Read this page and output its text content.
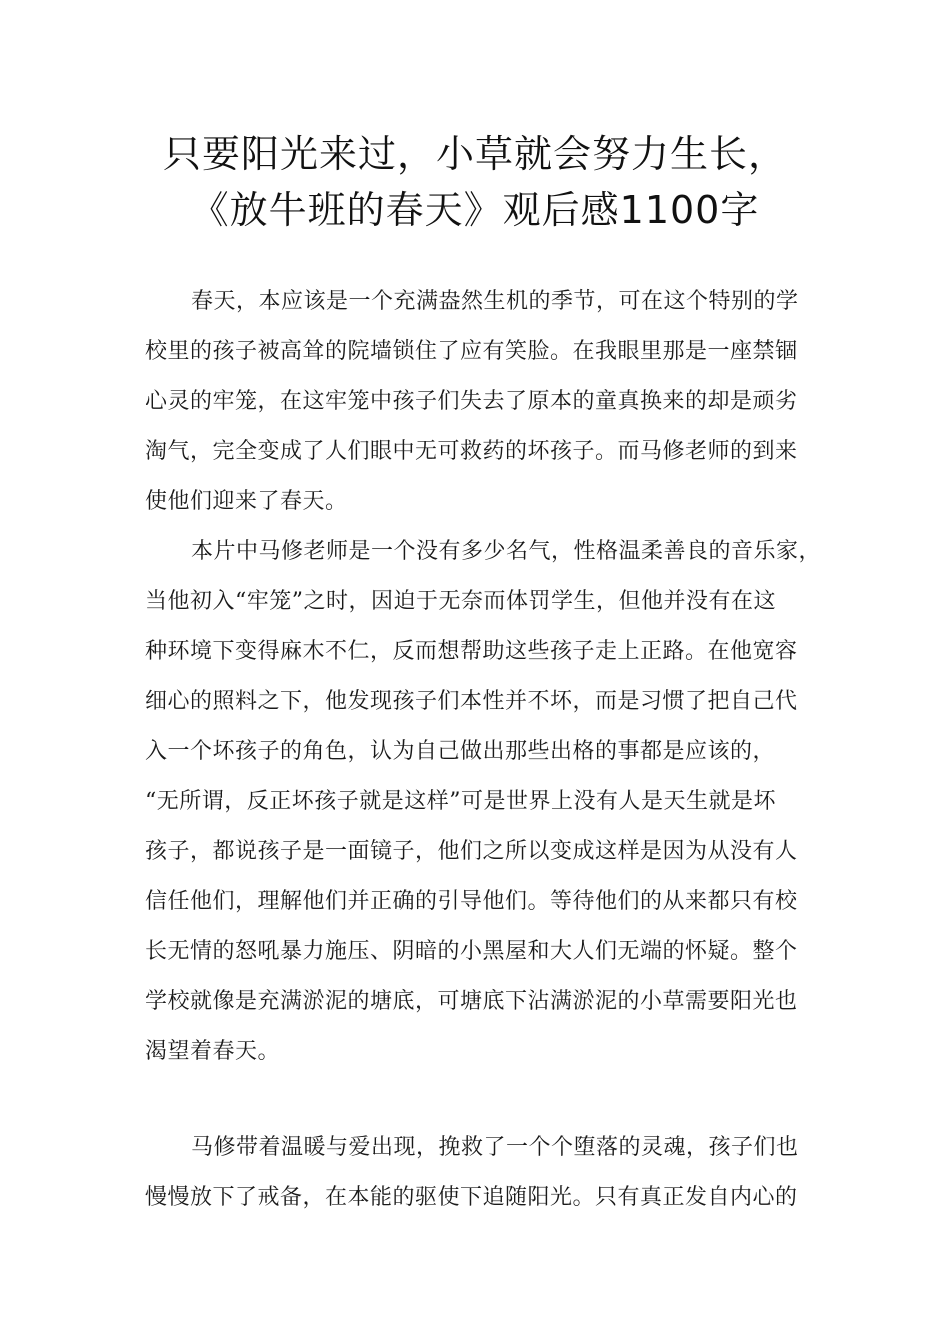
只要阳光来过，小草就会努力生长，
《放牛班的春天》观后感1100字
春天，本应该是一个充满盎然生机的季节，可在这个特别的学
校里的孩子被高耸的院墙锁住了应有笑脸。在我眼里那是一座禁锢
心灵的牢笼，在这牢笼中孩子们失去了原本的童真换来的却是顽劣
淘气，完全变成了人们眼中无可救药的坏孩子。而马修老师的到来
使他们迎来了春天。
本片中马修老师是一个没有多少名气，性格温柔善良的音乐家，
当他初入“牢笼”之时，因迫于无奈而体罚学生，但他并没有在这
种环境下变得麻木不仁，反而想帮助这些孩子走上正路。在他宽容
细心的照料之下，他发现孩子们本性并不坏，而是习惯了把自己代
入一个坏孩子的角色，认为自己做出那些出格的事都是应该的，
“无所谓，反正坏孩子就是这样”可是世界上没有人是天生就是坏
孩子，都说孩子是一面镜子，他们之所以变成这样是因为从没有人
信任他们，理解他们并正确的引导他们。等待他们的从来都只有校
长无情的怒吼暴力施压、阴暗的小黑屋和大人们无端的怀疑。整个
学校就像是充满淤泥的塘底，可塘底下沾满淤泥的小草需要阳光也
渴望着春天。
马修带着温暖与爱出现，挽救了一个个堕落的灵魂，孩子们也
慢慢放下了戒备，在本能的驱使下追随阳光。只有真正发自内心的
